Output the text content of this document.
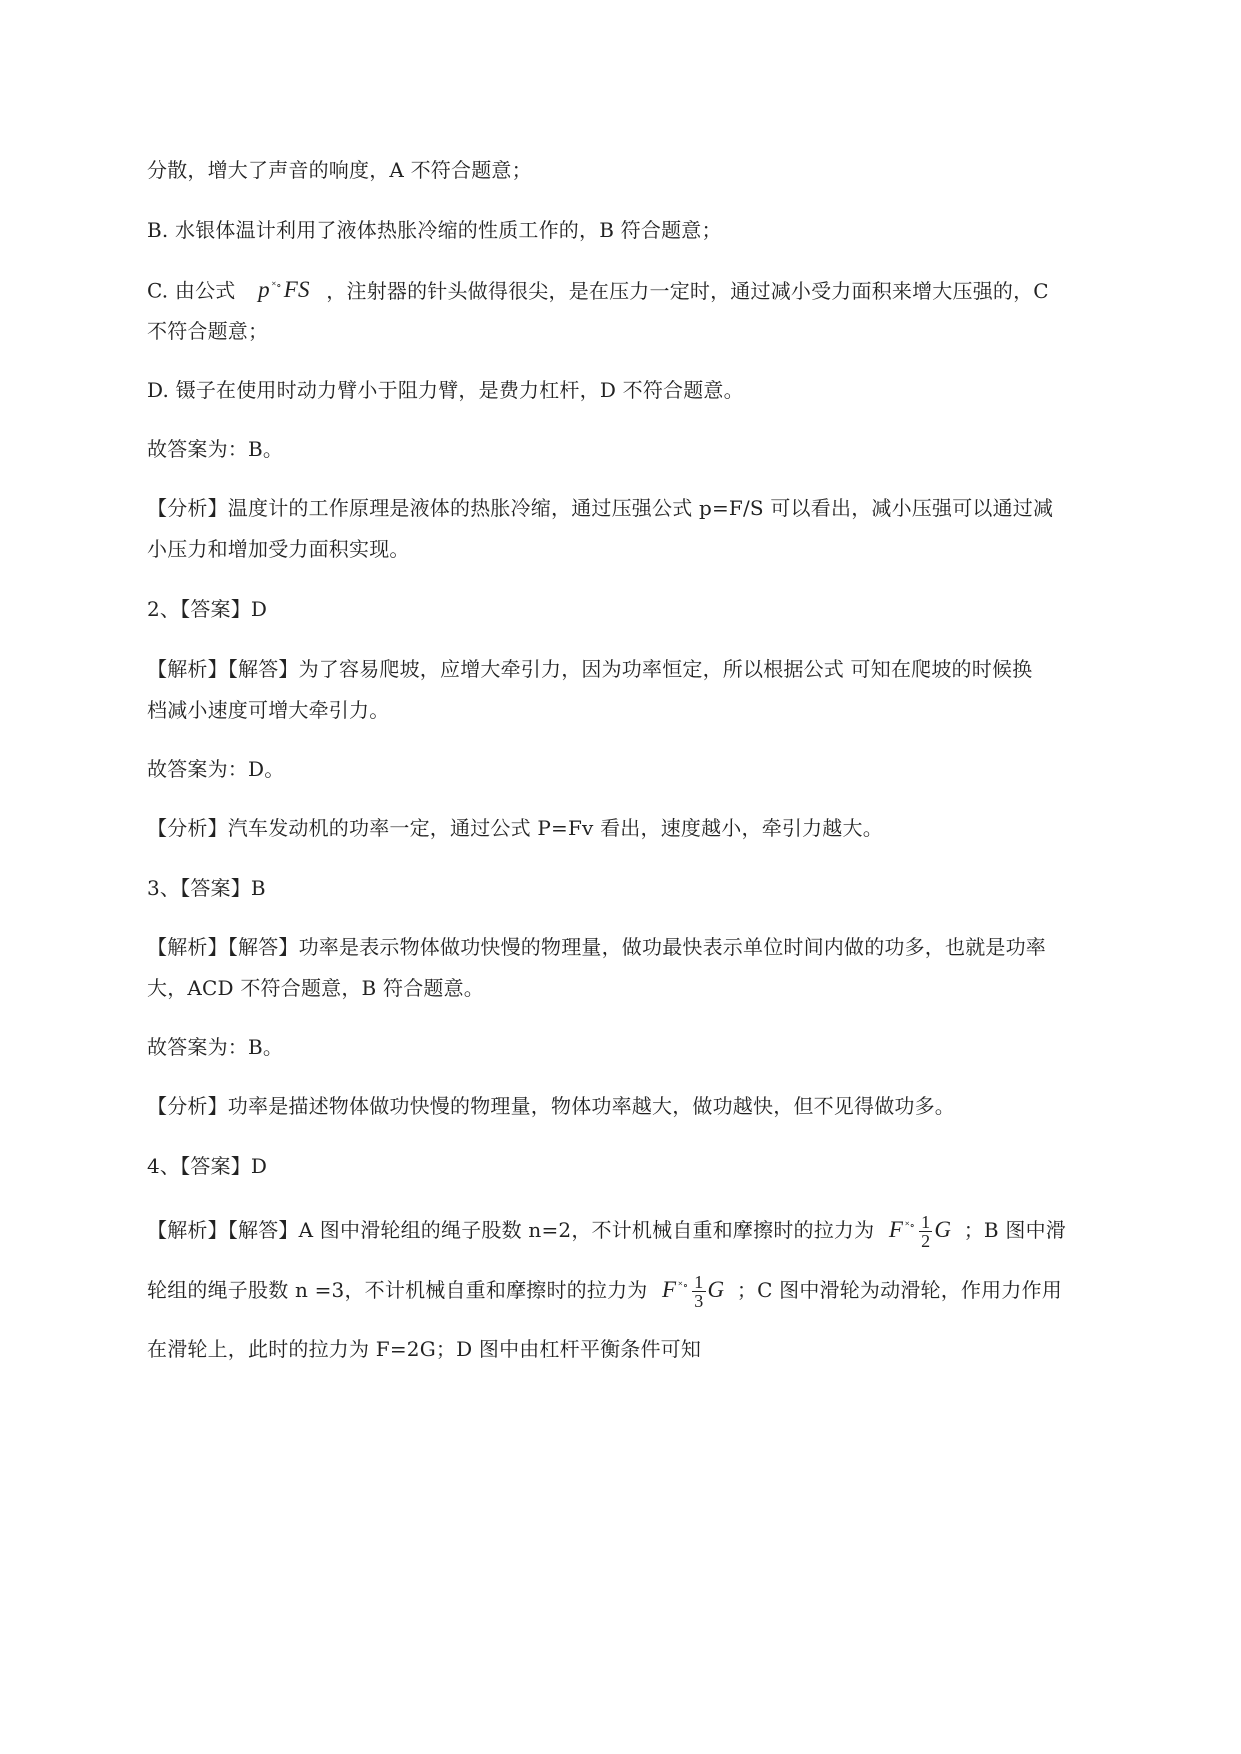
分散，增大了声音的响度，A 不符合题意；
B. 水银体温计利用了液体热胀冷缩的性质工作的，B 符合题意；
C. 由公式 p ˟∘FS ，注射器的针头做得很尖，是在压力一定时，通过减小受力面积来增大压强的，C
不符合题意；
D. 镊子在使用时动力臂小于阻力臂，是费力杠杆，D 不符合题意。
故答案为：B。
【分析】温度计的工作原理是液体的热胀冷缩，通过压强公式 p=F/S 可以看出，减小压强可以通过减
小压力和增加受力面积实现。
2、【答案】D
【解析】【解答】为了容易爬坡，应增大牵引力，因为功率恒定，所以根据公式 可知在爬坡的时候换
档减小速度可增大牵引力。
故答案为：D。
【分析】汽车发动机的功率一定，通过公式 P=Fv 看出，速度越小，牵引力越大。
3、【答案】B
【解析】【解答】功率是表示物体做功快慢的物理量，做功最快表示单位时间内做的功多，也就是功率
大，ACD 不符合题意，B 符合题意。
故答案为：B。
【分析】功率是描述物体做功快慢的物理量，物体功率越大，做功越快，但不见得做功多。
4、【答案】D
【解析】【解答】A 图中滑轮组的绳子股数 n=2，不计机械自重和摩擦时的拉力为 F $^{˟\circ} \frac{1}{2}$ G ；B 图中滑
轮组的绳子股数 n =3，不计机械自重和摩擦时的拉力为 F $^{˟\circ} \frac{1}{3}$ G ；C 图中滑轮为动滑轮，作用力作用
在滑轮上，此时的拉力为 F=2G；D 图中由杠杆平衡条件可知
